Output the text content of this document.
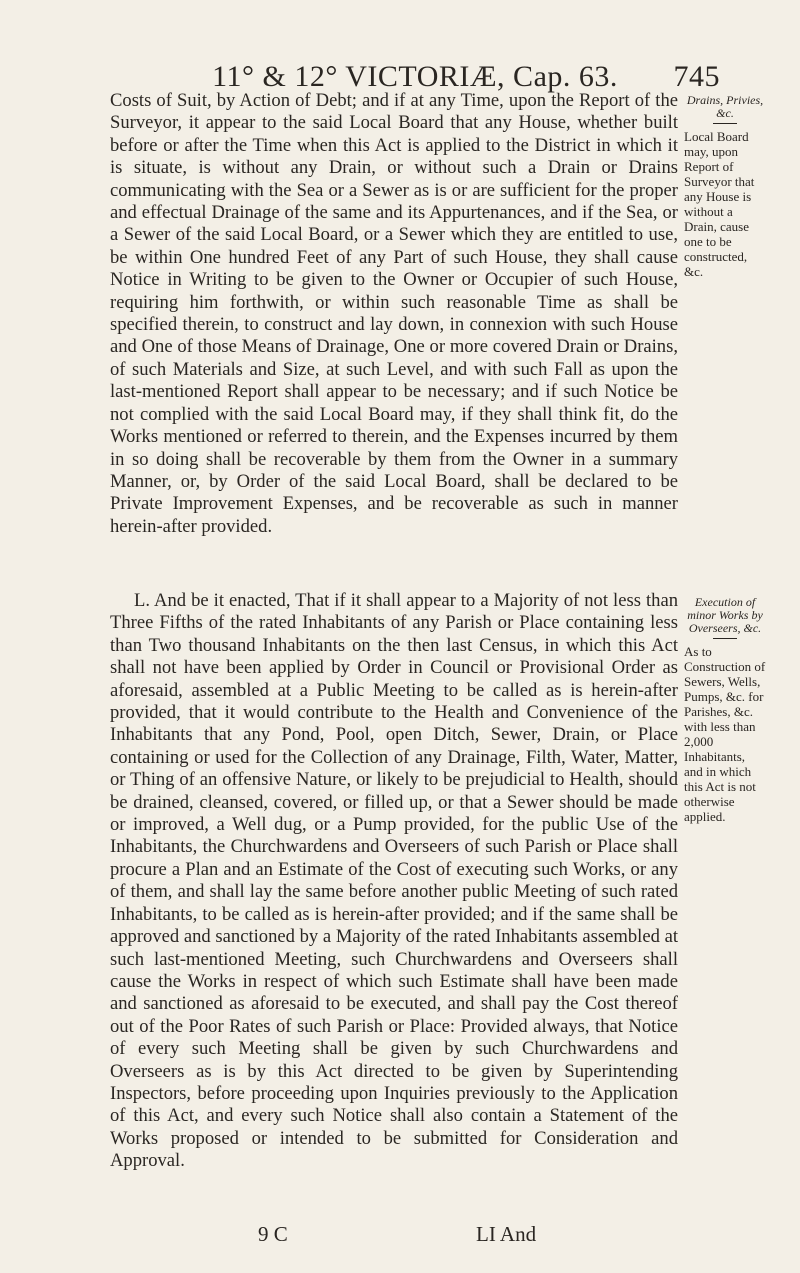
11° & 12° VICTORIÆ, Cap. 63.	745

Costs of Suit, by Action of Debt; and if at any Time, upon the Report of the Surveyor, it appear to the said Local Board that any House, whether built before or after the Time when this Act is applied to the District in which it is situate, is without any Drain, or without such a Drain or Drains communicating with the Sea or a Sewer as is or are sufficient for the proper and effectual Drainage of the same and its Appurtenances, and if the Sea, or a Sewer of the said Local Board, or a Sewer which they are entitled to use, be within One hundred Feet of any Part of such House, they shall cause Notice in Writing to be given to the Owner or Occupier of such House, requiring him forthwith, or within such reasonable Time as shall be specified therein, to construct and lay down, in connexion with such House and One of those Means of Drainage, One or more covered Drain or Drains, of such Materials and Size, at such Level, and with such Fall as upon the last-mentioned Report shall appear to be necessary; and if such Notice be not complied with the said Local Board may, if they shall think fit, do the Works mentioned or referred to therein, and the Expenses incurred by them in so doing shall be recoverable by them from the Owner in a summary Manner, or, by Order of the said Local Board, shall be declared to be Private Improvement Expenses, and be recoverable as such in manner herein-after provided.

Drains, Privies, &c.
Local Board may, upon Report of Surveyor that any House is without a Drain, cause one to be constructed, &c.

L. And be it enacted, That if it shall appear to a Majority of not less than Three Fifths of the rated Inhabitants of any Parish or Place containing less than Two thousand Inhabitants on the then last Census, in which this Act shall not have been applied by Order in Council or Provisional Order as aforesaid, assembled at a Public Meeting to be called as is herein-after provided, that it would contribute to the Health and Convenience of the Inhabitants that any Pond, Pool, open Ditch, Sewer, Drain, or Place containing or used for the Collection of any Drainage, Filth, Water, Matter, or Thing of an offensive Nature, or likely to be prejudicial to Health, should be drained, cleansed, covered, or filled up, or that a Sewer should be made or improved, a Well dug, or a Pump provided, for the public Use of the Inhabitants, the Churchwardens and Overseers of such Parish or Place shall procure a Plan and an Estimate of the Cost of executing such Works, or any of them, and shall lay the same before another public Meeting of such rated Inhabitants, to be called as is herein-after provided; and if the same shall be approved and sanctioned by a Majority of the rated Inhabitants assembled at such last-mentioned Meeting, such Churchwardens and Overseers shall cause the Works in respect of which such Estimate shall have been made and sanctioned as aforesaid to be executed, and shall pay the Cost thereof out of the Poor Rates of such Parish or Place: Provided always, that Notice of every such Meeting shall be given by such Churchwardens and Overseers as is by this Act directed to be given by Superintending Inspectors, before proceeding upon Inquiries previously to the Application of this Act, and every such Notice shall also contain a Statement of the Works proposed or intended to be submitted for Consideration and Approval.

Execution of minor Works by Overseers, &c.
As to Construction of Sewers, Wells, Pumps, &c. for Parishes, &c. with less than 2,000 Inhabitants, and in which this Act is not otherwise applied.
9 C	LI And
